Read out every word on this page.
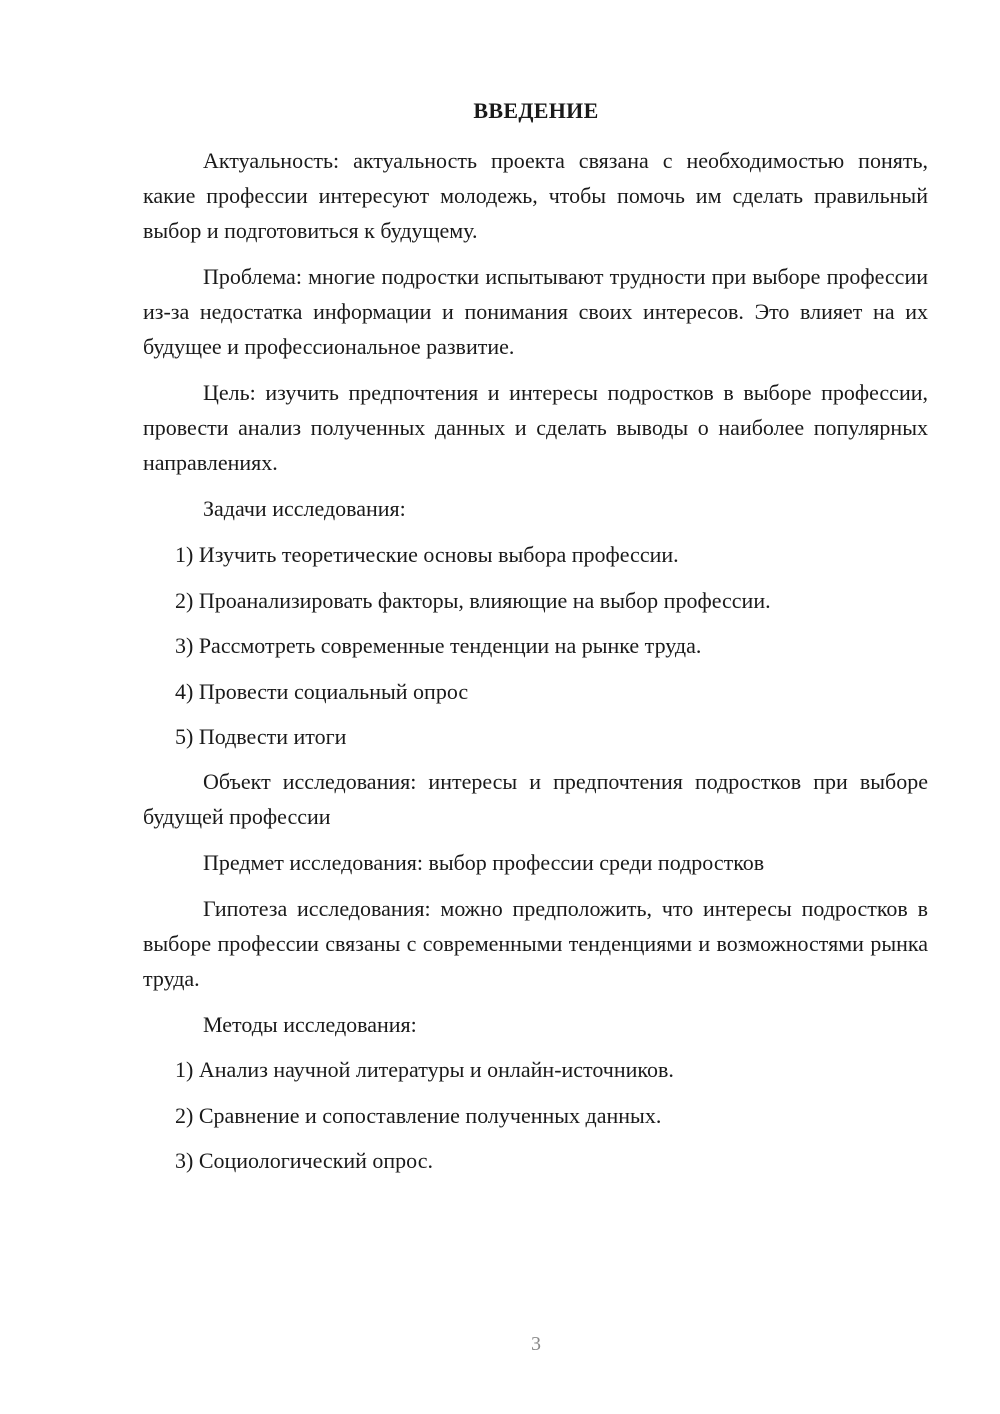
ВВЕДЕНИЕ

Актуальность: актуальность проекта связана с необходимостью понять, какие профессии интересуют молодежь, чтобы помочь им сделать правильный выбор и подготовиться к будущему.

Проблема: многие подростки испытывают трудности при выборе профессии из-за недостатка информации и понимания своих интересов. Это влияет на их будущее и профессиональное развитие.

Цель: изучить предпочтения и интересы подростков в выборе профессии, провести анализ полученных данных и сделать выводы о наиболее популярных направлениях.

Задачи исследования:

1) Изучить теоретические основы выбора профессии.

2) Проанализировать факторы, влияющие на выбор профессии.

3) Рассмотреть современные тенденции на рынке труда.

4) Провести социальный опрос

5) Подвести итоги

Объект исследования: интересы и предпочтения подростков при выборе будущей профессии

Предмет исследования: выбор профессии среди подростков

Гипотеза исследования: можно предположить, что интересы подростков в выборе профессии связаны с современными тенденциями и возможностями рынка труда.

Методы исследования:

1) Анализ научной литературы и онлайн-источников.

2) Сравнение и сопоставление полученных данных.

3) Социологический опрос.

3
